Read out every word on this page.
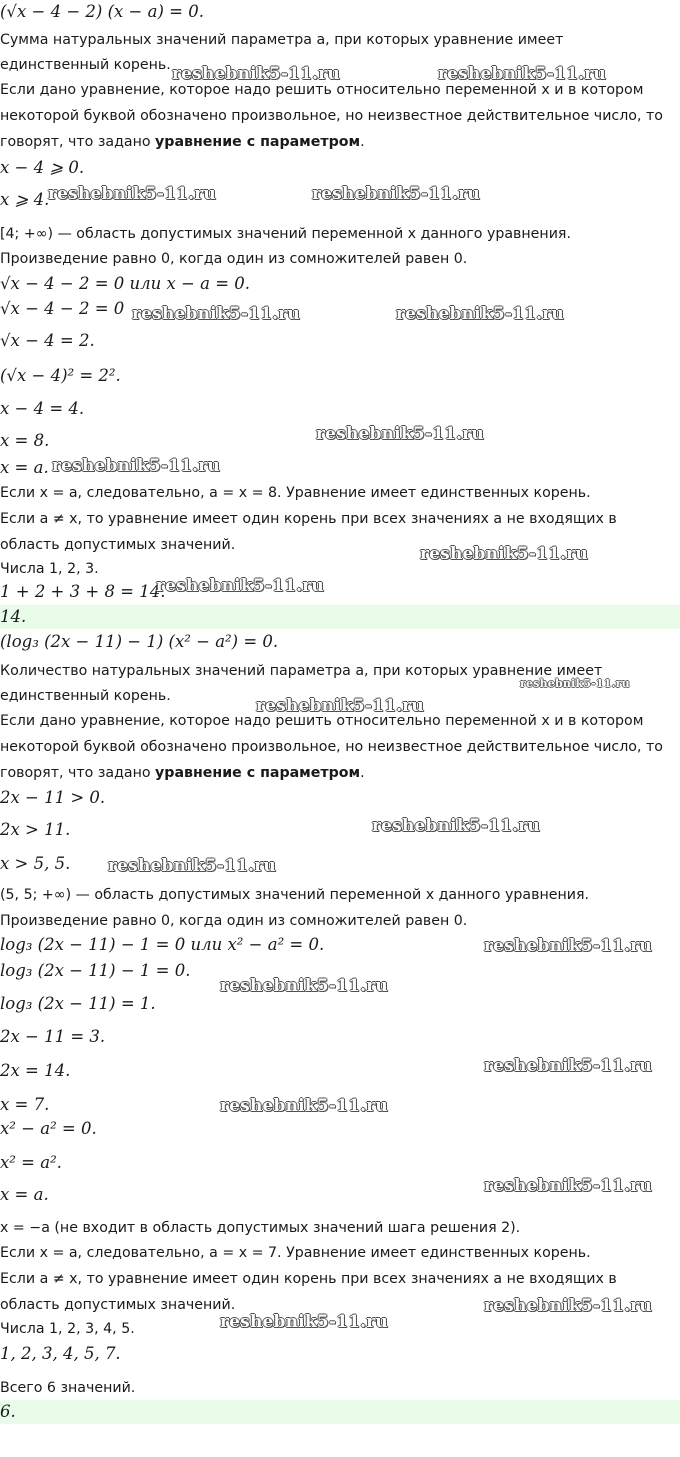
(√x − 4 − 2) (x − a) = 0.
Сумма натуральных значений параметра a, при которых уравнение имеет
единственный корень.
Если дано уравнение, которое надо решить относительно переменной x и в котором
некоторой буквой обозначено произвольное, но неизвестное действительное число, то
говорят, что задано уравнение с параметром.
x − 4 ⩾ 0.
x ⩾ 4.
[4; +∞) — область допустимых значений переменной x данного уравнения.
Произведение равно 0, когда один из сомножителей равен 0.
√x − 4 − 2 = 0 или x − a = 0.
√x − 4 − 2 = 0
√x − 4 = 2.
(√x − 4)² = 2².
x − 4 = 4.
x = 8.
x = a.
Если x = a, следовательно, a = x = 8. Уравнение имеет единственных корень.
Если a ≠ x, то уравнение имеет один корень при всех значениях a не входящих в
область допустимых значений.
Числа 1, 2, 3.
1 + 2 + 3 + 8 = 14.
14.
(log₃ (2x − 11) − 1) (x² − a²) = 0.
Количество натуральных значений параметра a, при которых уравнение имеет
единственный корень.
Если дано уравнение, которое надо решить относительно переменной x и в котором
некоторой буквой обозначено произвольное, но неизвестное действительное число, то
говорят, что задано уравнение с параметром.
2x − 11 > 0.
2x > 11.
x > 5, 5.
(5, 5; +∞) — область допустимых значений переменной x данного уравнения.
Произведение равно 0, когда один из сомножителей равен 0.
log₃ (2x − 11) − 1 = 0 или x² − a² = 0.
log₃ (2x − 11) − 1 = 0.
log₃ (2x − 11) = 1.
2x − 11 = 3.
2x = 14.
x = 7.
x² − a² = 0.
x² = a².
x = a.
x = −a (не входит в область допустимых значений шага решения 2).
Если x = a, следовательно, a = x = 7. Уравнение имеет единственных корень.
Если a ≠ x, то уравнение имеет один корень при всех значениях a не входящих в
область допустимых значений.
Числа 1, 2, 3, 4, 5.
1, 2, 3, 4, 5, 7.
Всего 6 значений.
6.
reshebnik5-11.ru	reshebnik5-11.ru
reshebnik5-11.ru	reshebnik5-11.ru
reshebnik5-11.ru	reshebnik5-11.ru
reshebnik5-11.ru
reshebnik5-11.ru
reshebnik5-11.ru
reshebnik5-11.ru
reshebnik5-11.ru
reshebnik5-11.ru
reshebnik5-11.ru
reshebnik5-11.ru
reshebnik5-11.ru
reshebnik5-11.ru
reshebnik5-11.ru
reshebnik5-11.ru
reshebnik5-11.ru
reshebnik5-11.ru
reshebnik5-11.ru
